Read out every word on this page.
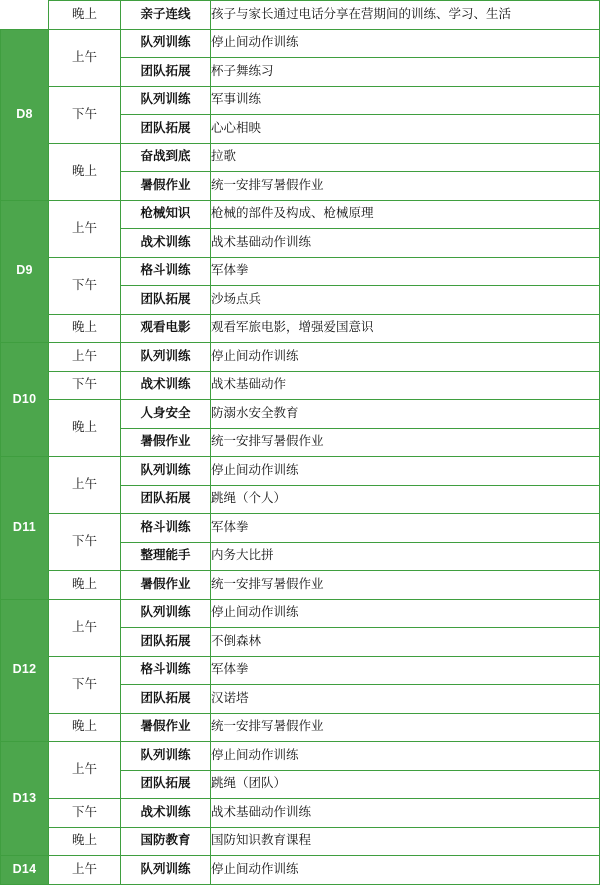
	晚上	亲子连线	孩子与家长通过电话分享在营期间的训练、学习、生活
D8	上午	队列训练	停止间动作训练
		团队拓展	杯子舞练习
	下午	队列训练	军事训练
		团队拓展	心心相映
	晚上	奋战到底	拉歌
		暑假作业	统一安排写暑假作业
D9	上午	枪械知识	枪械的部件及构成、枪械原理
		战术训练	战术基础动作训练
	下午	格斗训练	军体拳
		团队拓展	沙场点兵
	晚上	观看电影	观看军旅电影，增强爱国意识
D10	上午	队列训练	停止间动作训练
	下午	战术训练	战术基础动作
	晚上	人身安全	防溺水安全教育
		暑假作业	统一安排写暑假作业
D11	上午	队列训练	停止间动作训练
		团队拓展	跳绳（个人）
	下午	格斗训练	军体拳
		整理能手	内务大比拼
	晚上	暑假作业	统一安排写暑假作业
D12	上午	队列训练	停止间动作训练
		团队拓展	不倒森林
	下午	格斗训练	军体拳
		团队拓展	汉诺塔
	晚上	暑假作业	统一安排写暑假作业
D13	上午	队列训练	停止间动作训练
		团队拓展	跳绳（团队）
	下午	战术训练	战术基础动作训练
	晚上	国防教育	国防知识教育课程
D14	上午	队列训练	停止间动作训练
